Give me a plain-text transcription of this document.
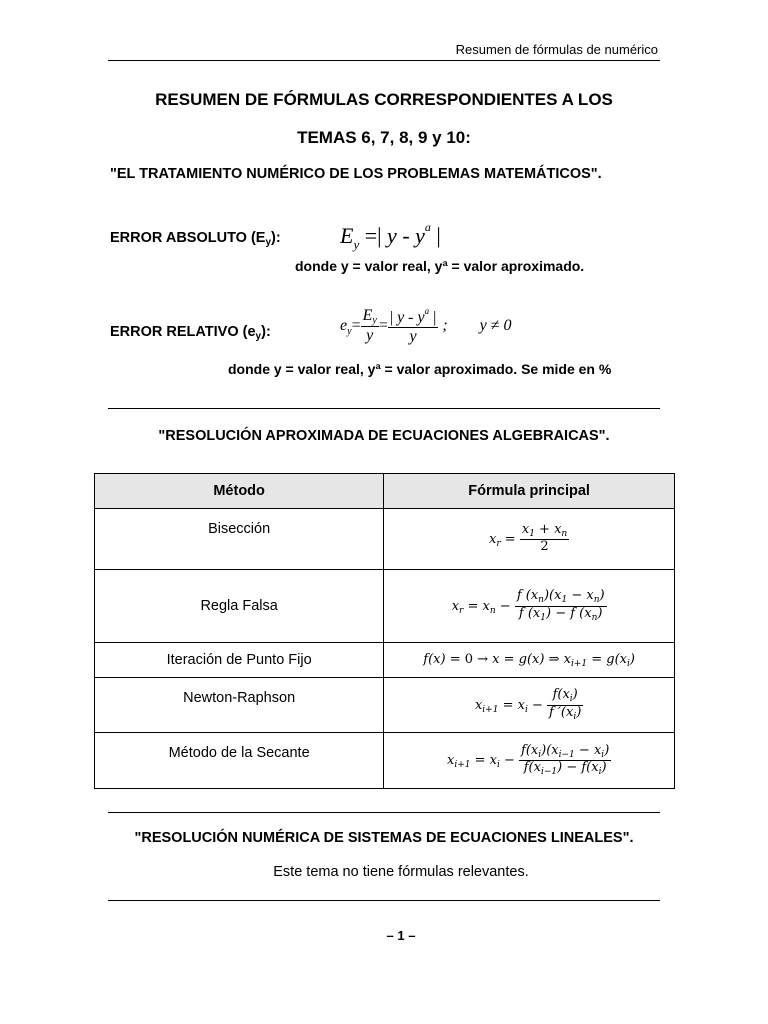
Resumen de fórmulas de numérico
RESUMEN DE FÓRMULAS CORRESPONDIENTES A LOS
TEMAS 6, 7, 8, 9 y 10:
"EL TRATAMIENTO NUMÉRICO DE LOS PROBLEMAS MATEMÁTICOS".
ERROR ABSOLUTO $(E_y)$:	$E_y$ =| y - $y^a$ |
donde y = valor real, yª = valor aproximado.
ERROR RELATIVO $(e_y)$:	$e_y= \frac{Ey}{y} = \frac{| y - y^a |}{y}$ ;        y ≠ 0
donde y = valor real, yª = valor aproximado. Se mide en %
"RESOLUCIÓN APROXIMADA DE ECUACIONES ALGEBRAICAS".
Método	Fórmula principal
Bisección	$x_r = \frac{x_1 + x_n}{2}$

Regla Falsa	$x_r = x_n - \frac{f (x_n)(x_1 - x_n)}{f (x_1) - f (x_n)}$

Iteración de Punto Fijo	f(x) = 0 → x = g(x) ⇒ $x_{i+1} = g(x_i)$
Newton-Raphson	$x_{i+1} = x_i - \frac{f(x_i)}{f '(x_i)}$

Método de la Secante	$x_{i+1} = x_i - \frac{f(x_i)(x_{i-1} - x_i)}{f(x_{i-1}) - f(x_i)}$
"RESOLUCIÓN NUMÉRICA DE SISTEMAS DE ECUACIONES LINEALES".
Este tema no tiene fórmulas relevantes.
– 1 –
